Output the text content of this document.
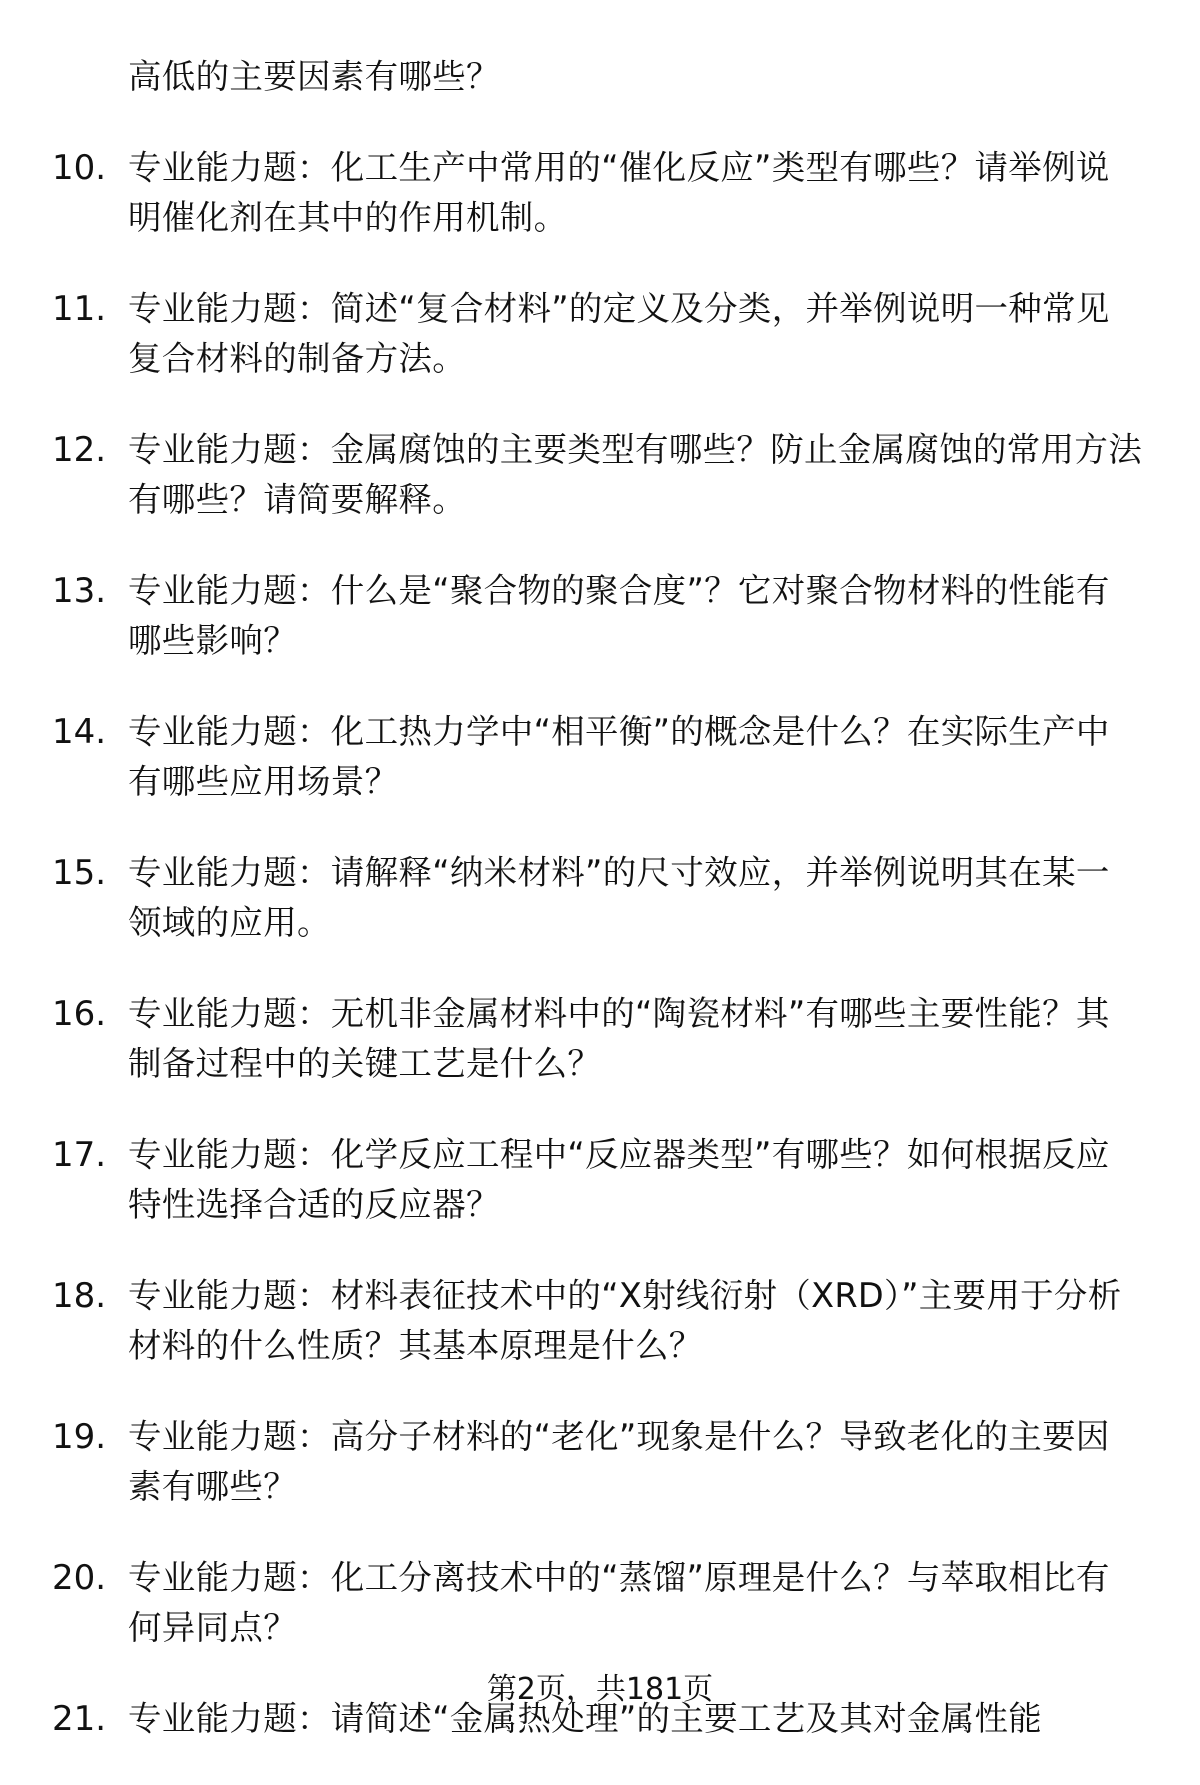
高低的主要因素有哪些？
10. 专业能力题：化工生产中常用的“催化反应”类型有哪些？请举例说明催化剂在其中的作用机制。
11. 专业能力题：简述“复合材料”的定义及分类，并举例说明一种常见复合材料的制备方法。
12. 专业能力题：金属腐蚀的主要类型有哪些？防止金属腐蚀的常用方法有哪些？请简要解释。
13. 专业能力题：什么是“聚合物的聚合度”？它对聚合物材料的性能有哪些影响？
14. 专业能力题：化工热力学中“相平衡”的概念是什么？在实际生产中有哪些应用场景？
15. 专业能力题：请解释“纳米材料”的尺寸效应，并举例说明其在某一领域的应用。
16. 专业能力题：无机非金属材料中的“陶瓷材料”有哪些主要性能？其制备过程中的关键工艺是什么？
17. 专业能力题：化学反应工程中“反应器类型”有哪些？如何根据反应特性选择合适的反应器？
18. 专业能力题：材料表征技术中的“X射线衍射（XRD）”主要用于分析材料的什么性质？其基本原理是什么？
19. 专业能力题：高分子材料的“老化”现象是什么？导致老化的主要因素有哪些？
20. 专业能力题：化工分离技术中的“蒸馏”原理是什么？与萃取相比有何异同点？
21. 专业能力题：请简述“金属热处理”的主要工艺及其对金属性能
第2页，共181页
